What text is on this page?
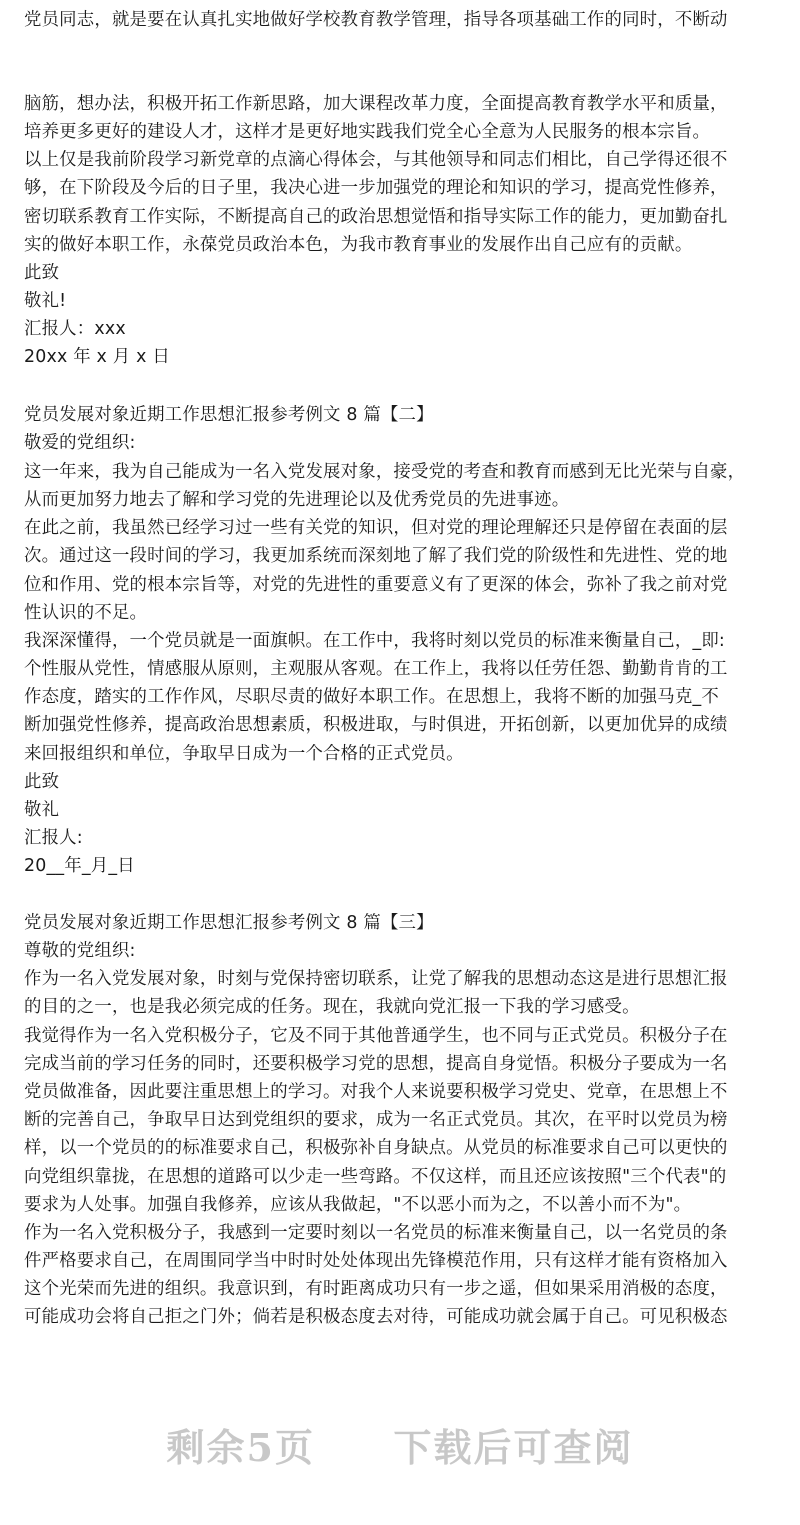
党员同志，就是要在认真扎实地做好学校教育教学管理，指导各项基础工作的同时，不断动
脑筋，想办法，积极开拓工作新思路，加大课程改革力度，全面提高教育教学水平和质量，
培养更多更好的建设人才，这样才是更好地实践我们党全心全意为人民服务的根本宗旨。
以上仅是我前阶段学习新党章的点滴心得体会，与其他领导和同志们相比，自己学得还很不
够，在下阶段及今后的日子里，我决心进一步加强党的理论和知识的学习，提高党性修养，
密切联系教育工作实际，不断提高自己的政治思想觉悟和指导实际工作的能力，更加勤奋扎
实的做好本职工作，永葆党员政治本色，为我市教育事业的发展作出自己应有的贡献。
此致
敬礼!
汇报人：xxx
20xx 年 x 月 x 日
党员发展对象近期工作思想汇报参考例文 8 篇【二】
敬爱的党组织:
这一年来，我为自己能成为一名入党发展对象，接受党的考查和教育而感到无比光荣与自豪，
从而更加努力地去了解和学习党的先进理论以及优秀党员的先进事迹。
在此之前，我虽然已经学习过一些有关党的知识，但对党的理论理解还只是停留在表面的层
次。通过这一段时间的学习，我更加系统而深刻地了解了我们党的阶级性和先进性、党的地
位和作用、党的根本宗旨等，对党的先进性的重要意义有了更深的体会，弥补了我之前对党
性认识的不足。
我深深懂得，一个党员就是一面旗帜。在工作中，我将时刻以党员的标准来衡量自己，_即:
个性服从党性，情感服从原则，主观服从客观。在工作上，我将以任劳任怨、勤勤肯肯的工
作态度，踏实的工作作风，尽职尽责的做好本职工作。在思想上，我将不断的加强马克_不
断加强党性修养，提高政治思想素质，积极进取，与时俱进，开拓创新，以更加优异的成绩
来回报组织和单位，争取早日成为一个合格的正式党员。
此致
敬礼
汇报人:
20__年_月_日
党员发展对象近期工作思想汇报参考例文 8 篇【三】
尊敬的党组织:
作为一名入党发展对象，时刻与党保持密切联系，让党了解我的思想动态这是进行思想汇报
的目的之一，也是我必须完成的任务。现在，我就向党汇报一下我的学习感受。
我觉得作为一名入党积极分子，它及不同于其他普通学生，也不同与正式党员。积极分子在
完成当前的学习任务的同时，还要积极学习党的思想，提高自身觉悟。积极分子要成为一名
党员做准备，因此要注重思想上的学习。对我个人来说要积极学习党史、党章，在思想上不
断的完善自己，争取早日达到党组织的要求，成为一名正式党员。其次，在平时以党员为榜
样，以一个党员的的标准要求自己，积极弥补自身缺点。从党员的标准要求自己可以更快的
向党组织靠拢，在思想的道路可以少走一些弯路。不仅这样，而且还应该按照"三个代表"的
要求为人处事。加强自我修养，应该从我做起，"不以恶小而为之，不以善小而不为"。
作为一名入党积极分子，我感到一定要时刻以一名党员的标准来衡量自己，以一名党员的条
件严格要求自己，在周围同学当中时时处处体现出先锋模范作用，只有这样才能有资格加入
这个光荣而先进的组织。我意识到，有时距离成功只有一步之遥，但如果采用消极的态度，
可能成功会将自己拒之门外；倘若是积极态度去对待，可能成功就会属于自己。可见积极态
剩余5页 下载后可查阅
